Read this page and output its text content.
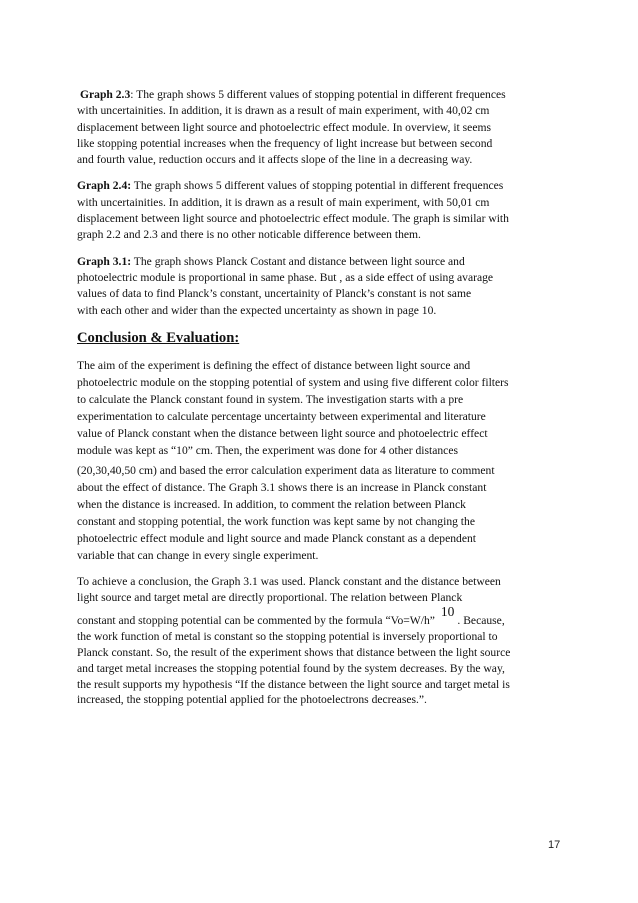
Graph 2.3: The graph shows 5 different values of stopping potential in different frequences
with uncertainities. In addition, it is drawn as a result of main experiment, with 40,02 cm
displacement between light source and photoelectric effect module. In overview, it seems
like stopping potential increases when the frequency of light increase but between second
and fourth value, reduction occurs and it affects slope of the line in a decreasing way.
Graph 2.4: The graph shows 5 different values of stopping potential in different frequences
with uncertainities. In addition, it is drawn as a result of main experiment, with 50,01 cm
displacement between light source and photoelectric effect module. The graph is similar with
graph 2.2 and 2.3 and there is no other noticable difference between them.
Graph 3.1: The graph shows Planck Costant and distance between light source and
photoelectric module is proportional in same phase. But , as a side effect of using avarage
values of data to find Planck’s constant, uncertainity of Planck’s constant is not same
with each other and wider than the expected uncertainty as shown in page 10.

Conclusion & Evaluation:

The aim of the experiment is defining the effect of distance between light source and
photoelectric module on the stopping potential of system and using five different color filters
to calculate the Planck constant found in system. The investigation starts with a pre
experimentation to calculate percentage uncertainty between experimental and literature
value of Planck constant when the distance between light source and photoelectric effect
module was kept as “10” cm. Then, the experiment was done for 4 other distances
(20,30,40,50 cm) and based the error calculation experiment data as literature to comment
about the effect of distance. The Graph 3.1 shows there is an increase in Planck constant
when the distance is increased. In addition, to comment the relation between Planck
constant and stopping potential, the work function was kept same by not changing the
photoelectric effect module and light source and made Planck constant as a dependent
variable that can change in every single experiment.
To achieve a conclusion, the Graph 3.1 was used. Planck constant and the distance between
light source and target metal are directly proportional. The relation between Planck
constant and stopping potential can be commented by the formula “Vo=W/h”10. Because,
the work function of metal is constant so the stopping potential is inversely proportional to
Planck constant. So, the result of the experiment shows that distance between the light source
and target metal increases the stopping potential found by the system decreases. By the way,
the result supports my hypothesis “If the distance between the light source and target metal is
increased, the stopping potential applied for the photoelectrons decreases.”.
17
